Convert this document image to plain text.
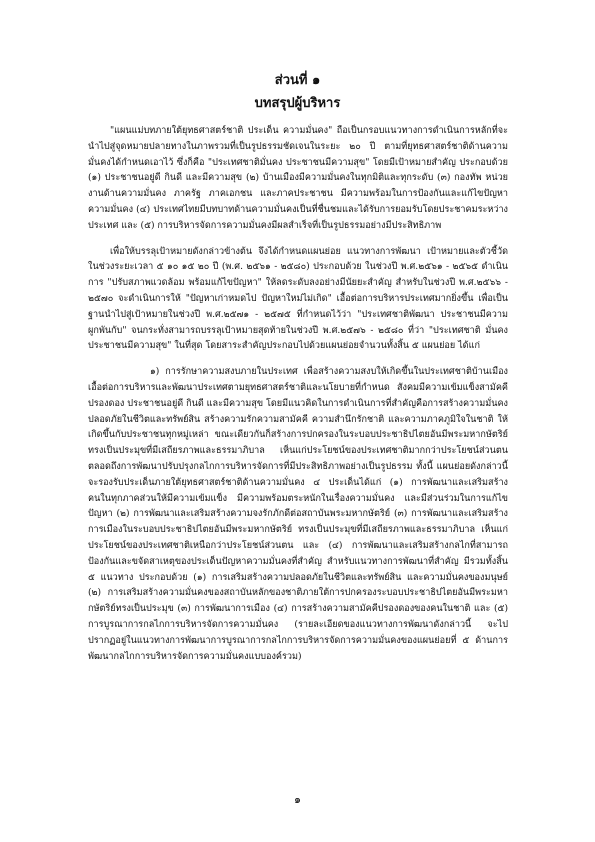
ส่วนที่ ๑
บทสรุปผู้บริหาร

"แผนแม่บทภายใต้ยุทธศาสตร์ชาติ ประเด็น ความมั่นคง" ถือเป็นกรอบแนวทางการดำเนินการหลักที่จะนำไปสู่จุดหมายปลายทางในภาพรวมที่เป็นรูปธรรมชัดเจนในระยะ ๒๐ ปี ตามที่ยุทธศาสตร์ชาติด้านความมั่นคงได้กำหนดเอาไว้ ซึ่งก็คือ "ประเทศชาติมั่นคง ประชาชนมีความสุข" โดยมีเป้าหมายสำคัญ ประกอบด้วย (๑) ประชาชนอยู่ดี กินดี และมีความสุข (๒) บ้านเมืองมีความมั่นคงในทุกมิติและทุกระดับ (๓) กองทัพ หน่วยงานด้านความมั่นคง ภาครัฐ ภาคเอกชน และภาคประชาชน มีความพร้อมในการป้องกันและแก้ไขปัญหาความมั่นคง (๔) ประเทศไทยมีบทบาทด้านความมั่นคงเป็นที่ชื่นชมและได้รับการยอมรับโดยประชาคมระหว่างประเทศ และ (๕) การบริหารจัดการความมั่นคงมีผลสำเร็จที่เป็นรูปธรรมอย่างมีประสิทธิภาพ

เพื่อให้บรรลุเป้าหมายดังกล่าวข้างต้น จึงได้กำหนดแผนย่อย แนวทางการพัฒนา เป้าหมายและตัวชี้วัด ในช่วงระยะเวลา ๕ ๑๐ ๑๕ ๒๐ ปี (พ.ศ. ๒๕๖๑ - ๒๕๘๐) ประกอบด้วย ในช่วงปี พ.ศ.๒๕๖๑ - ๒๕๖๕ ดำเนินการ "ปรับสภาพแวดล้อม พร้อมแก้ไขปัญหา" ให้ลดระดับลงอย่างมีนัยยะสำคัญ สำหรับในช่วงปี พ.ศ.๒๕๖๖ - ๒๕๗๐ จะดำเนินการให้ "ปัญหาเก่าหมดไป ปัญหาใหม่ไม่เกิด" เอื้อต่อการบริหารประเทศมากยิ่งขึ้น เพื่อเป็นฐานนำไปสู่เป้าหมายในช่วงปี พ.ศ.๒๕๗๑ - ๒๕๗๕ ที่กำหนดไว้ว่า "ประเทศชาติพัฒนา ประชาชนมีความผูกพันกับ" จนกระทั่งสามารถบรรลุเป้าหมายสุดท้ายในช่วงปี พ.ศ.๒๕๗๖ - ๒๕๘๐ ที่ว่า "ประเทศชาติ มั่นคง ประชาชนมีความสุข" ในที่สุด โดยสาระสำคัญประกอบไปด้วยแผนย่อยจำนวนทั้งสิ้น ๕ แผนย่อย ได้แก่

๑) การรักษาความสงบภายในประเทศ เพื่อสร้างความสงบให้เกิดขึ้นในประเทศชาติบ้านเมือง เอื้อต่อการบริหารและพัฒนาประเทศตามยุทธศาสตร์ชาติและนโยบายที่กำหนด สังคมมีความเข้มแข็งสามัคคีปรองดอง ประชาชนอยู่ดี กินดี และมีความสุข โดยมีแนวคิดในการดำเนินการที่สำคัญคือการสร้างความมั่นคงปลอดภัยในชีวิตและทรัพย์สิน สร้างความรักความสามัคคี ความสำนึกรักชาติ และความภาคภูมิใจในชาติ ให้เกิดขึ้นกับประชาชนทุกหมู่เหล่า ขณะเดียวกันก็สร้างการปกครองในระบอบประชาธิปไตยอันมีพระมหากษัตริย์ทรงเป็นประมุขที่มีเสถียรภาพและธรรมาภิบาล เห็นแก่ประโยชน์ของประเทศชาติมากกว่าประโยชน์ส่วนตน ตลอดถึงการพัฒนาปรับปรุงกลไกการบริหารจัดการที่มีประสิทธิภาพอย่างเป็นรูปธรรม ทั้งนี้ แผนย่อยดังกล่าวนี้จะรองรับประเด็นภายใต้ยุทธศาสตร์ชาติด้านความมั่นคง ๔ ประเด็นได้แก่ (๑) การพัฒนาและเสริมสร้างคนในทุกภาคส่วนให้มีความเข้มแข็ง มีความพร้อมตระหนักในเรื่องความมั่นคง และมีส่วนร่วมในการแก้ไขปัญหา (๒) การพัฒนาและเสริมสร้างความจงรักภักดีต่อสถาบันพระมหากษัตริย์ (๓) การพัฒนาและเสริมสร้างการเมืองในระบอบประชาธิปไตยอันมีพระมหากษัตริย์ ทรงเป็นประมุขที่มีเสถียรภาพและธรรมาภิบาล เห็นแก่ประโยชน์ของประเทศชาติเหนือกว่าประโยชน์ส่วนตน และ (๔) การพัฒนาและเสริมสร้างกลไกที่สามารถป้องกันและขจัดสาเหตุของประเด็นปัญหาความมั่นคงที่สำคัญ สำหรับแนวทางการพัฒนาที่สำคัญ มีรวมทั้งสิ้น ๕ แนวทาง ประกอบด้วย (๑) การเสริมสร้างความปลอดภัยในชีวิตและทรัพย์สิน และความมั่นคงของมนุษย์ (๒) การเสริมสร้างความมั่นคงของสถาบันหลักของชาติภายใต้การปกครองระบอบประชาธิปไตยอันมีพระมหากษัตริย์ทรงเป็นประมุข (๓) การพัฒนาการเมือง (๔) การสร้างความสามัคคีปรองดองของคนในชาติ และ (๕) การบูรณาการกลไกการบริหารจัดการความมั่นคง (รายละเอียดของแนวทางการพัฒนาดังกล่าวนี้ จะไปปรากฏอยู่ในแนวทางการพัฒนาการบูรณาการกลไกการบริหารจัดการความมั่นคงของแผนย่อยที่ ๕ ด้านการพัฒนากลไกการบริหารจัดการความมั่นคงแบบองค์รวม)

๑
